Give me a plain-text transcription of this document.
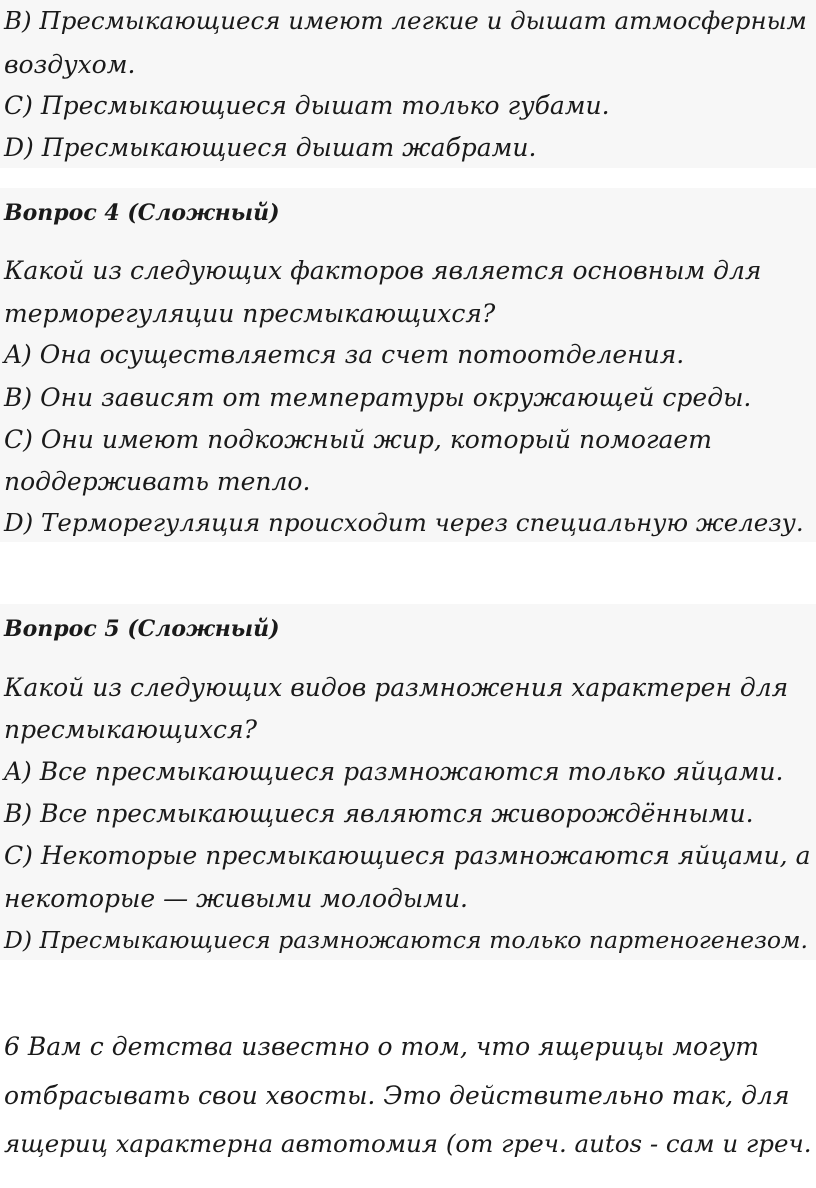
B) Пресмыкающиеся имеют легкие и дышат атмосферным
воздухом.
C) Пресмыкающиеся дышат только губами.
D) Пресмыкающиеся дышат жабрами.
Вопрос 4 (Сложный)
Какой из следующих факторов является основным для
терморегуляции пресмыкающихся?
A) Она осуществляется за счет потоотделения.
B) Они зависят от температуры окружающей среды.
C) Они имеют подкожный жир, который помогает
поддерживать тепло.
D) Терморегуляция происходит через специальную железу.
Вопрос 5 (Сложный)
Какой из следующих видов размножения характерен для
пресмыкающихся?
A) Все пресмыкающиеся размножаются только яйцами.
B) Все пресмыкающиеся являются живорождёнными.
C) Некоторые пресмыкающиеся размножаются яйцами, а
некоторые — живыми молодыми.
D) Пресмыкающиеся размножаются только партеногенезом.
6 Вам с детства известно о том, что ящерицы могут
отбрасывать свои хвосты. Это действительно так, для
ящериц характерна автотомия (от греч. autos - сам и греч.
